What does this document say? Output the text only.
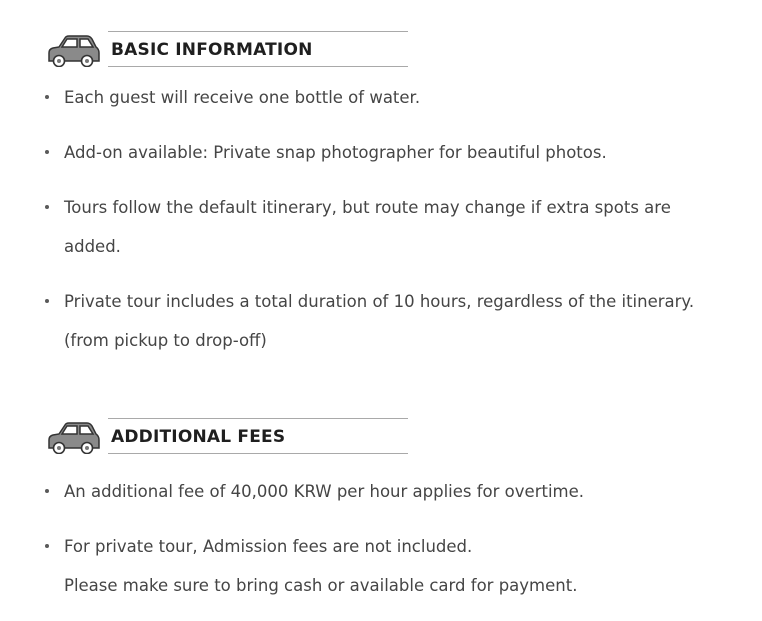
BASIC INFORMATION
Each guest will receive one bottle of water.
Add-on available: Private snap photographer for beautiful photos.
Tours follow the default itinerary, but route may change if extra spots are
added.
Private tour includes a total duration of 10 hours, regardless of the itinerary.
(from pickup to drop-off)
ADDITIONAL FEES
An additional fee of 40,000 KRW per hour applies for overtime.
For private tour, Admission fees are not included.
Please make sure to bring cash or available card for payment.
